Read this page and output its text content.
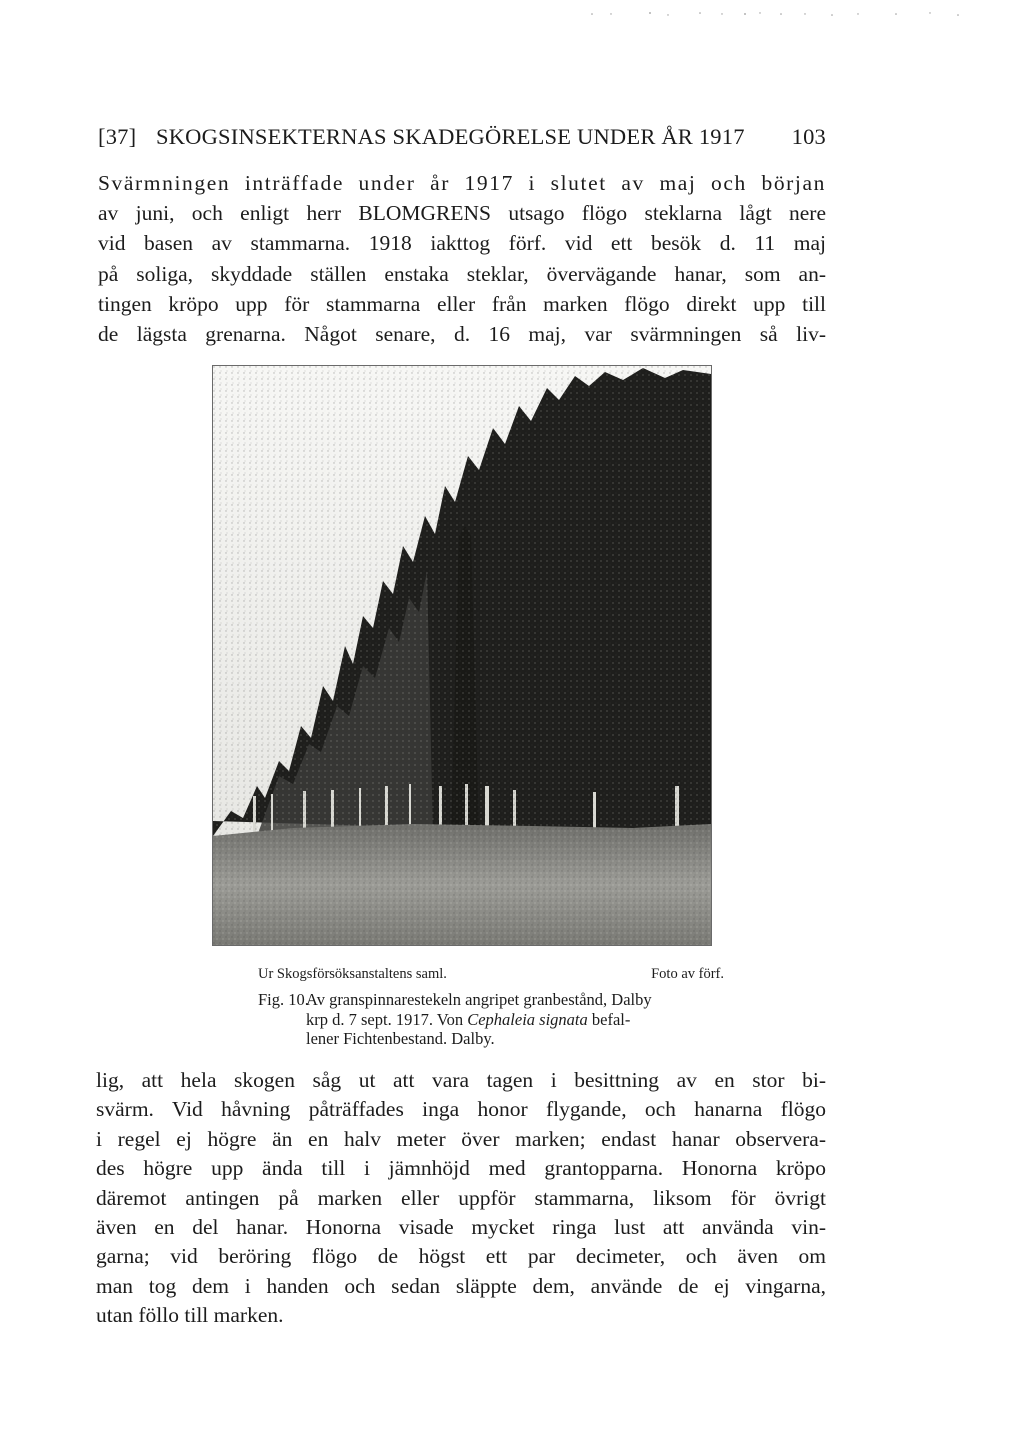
[37] SKOGSINSEKTERNAS SKADEGÖRELSE UNDER ÅR 1917 103
Svärmningen inträffade under år 1917 i slutet av maj och början
av juni, och enligt herr BLOMGRENS utsago flögo steklarna lågt nere
vid basen av stammarna. 1918 iakttog förf. vid ett besök d. 11 maj
på soliga, skyddade ställen enstaka steklar, övervägande hanar, som an-
tingen kröpo upp för stammarna eller från marken flögo direkt upp till
de lägsta grenarna. Något senare, d. 16 maj, var svärmningen så liv-
Ur Skogsförsöksanstaltens saml.	Foto av förf.
Fig. 10.Av granspinnarestekeln angripet granbestånd, Dalby
krp d. 7 sept. 1917. Von Cephaleia signata befal-
lener Fichtenbestand. Dalby.
lig, att hela skogen såg ut att vara tagen i besittning av en stor bi-
svärm. Vid håvning påträffades inga honor flygande, och hanarna flögo
i regel ej högre än en halv meter över marken; endast hanar observera-
des högre upp ända till i jämnhöjd med grantopparna. Honorna kröpo
däremot antingen på marken eller uppför stammarna, liksom för övrigt
även en del hanar. Honorna visade mycket ringa lust att använda vin-
garna; vid beröring flögo de högst ett par decimeter, och även om
man tog dem i handen och sedan släppte dem, använde de ej vingarna,
utan föllo till marken.
